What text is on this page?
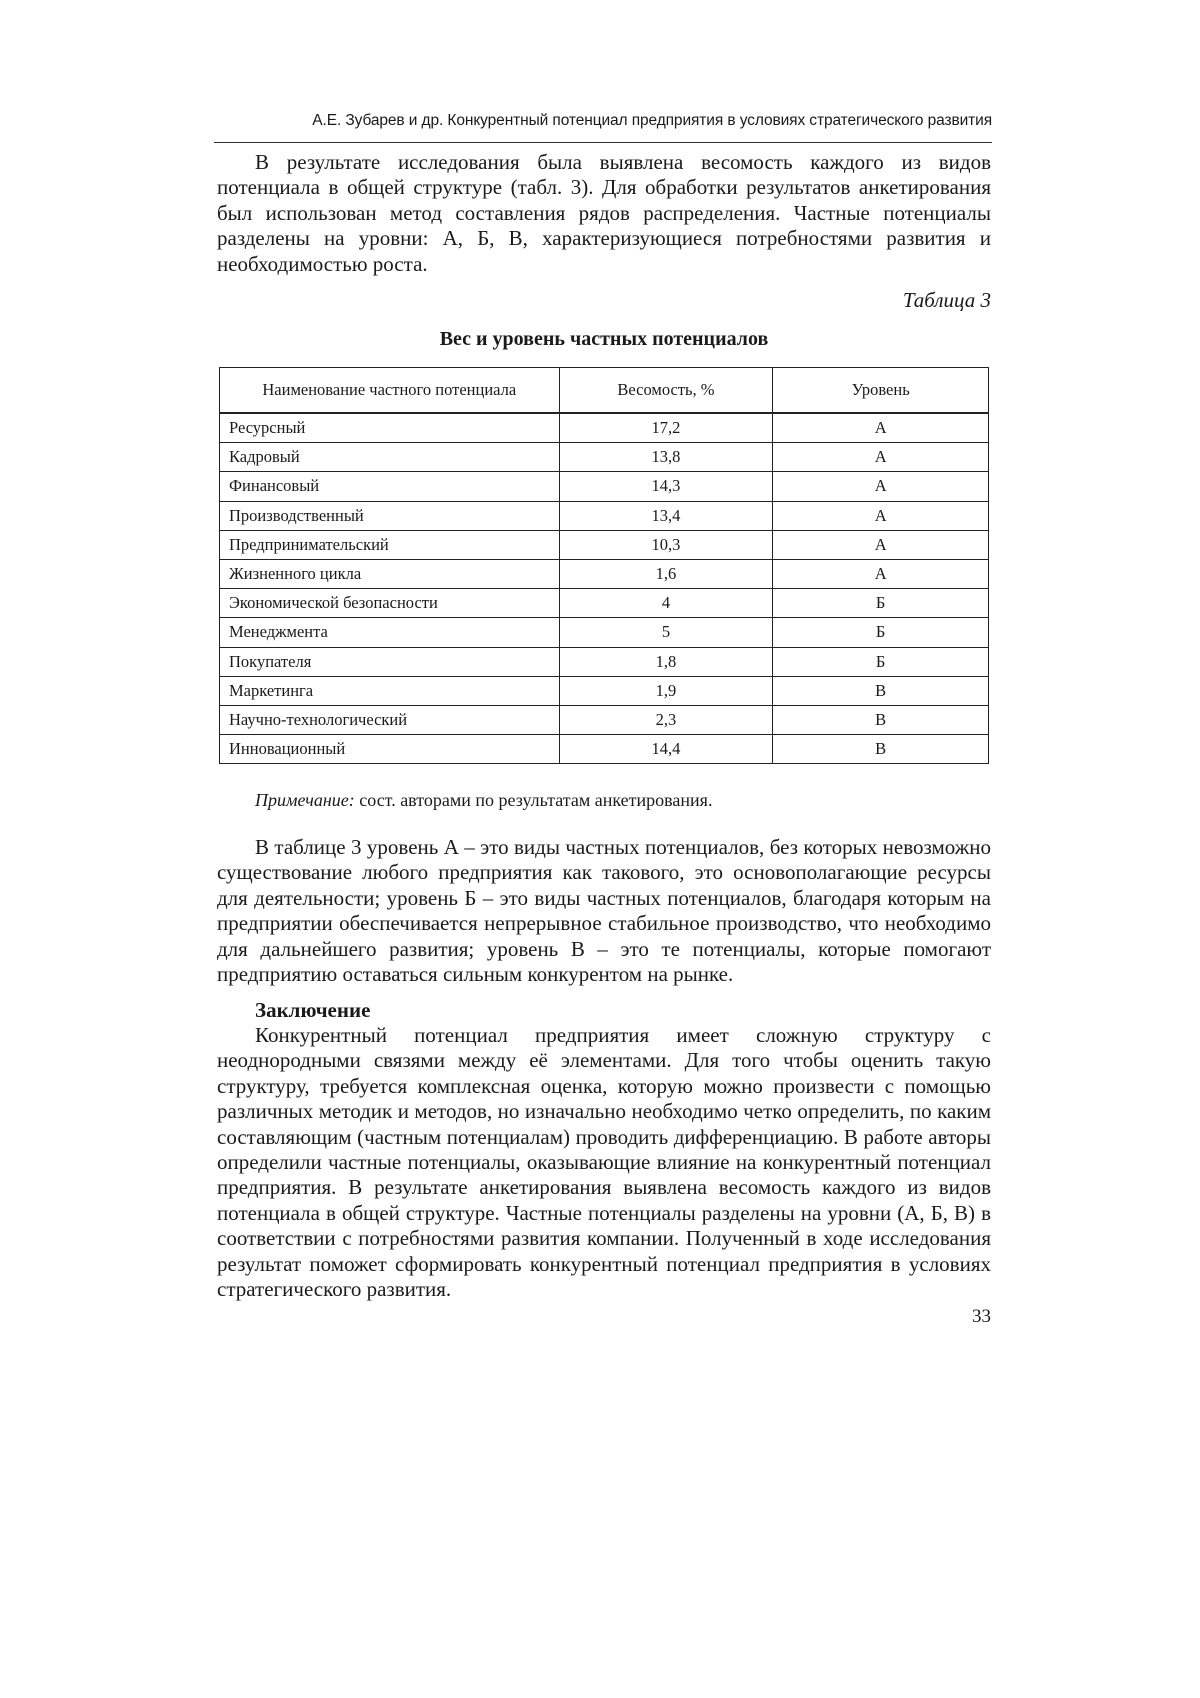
А.Е. Зубарев и др. Конкурентный потенциал предприятия в условиях стратегического развития

В результате исследования была выявлена весомость каждого из видов потенциала в общей структуре (табл. 3). Для обработки результатов анкетирования был использован метод составления рядов распределения. Частные потенциалы разделены на уровни: А, Б, В, характеризующиеся потребностями развития и необходимостью роста.

Таблица 3
Вес и уровень частных потенциалов
Наименование частного потенциала	Весомость, %	Уровень
Ресурсный	17,2	А
Кадровый	13,8	А
Финансовый	14,3	А
Производственный	13,4	А
Предпринимательский	10,3	А
Жизненного цикла	1,6	А
Экономической безопасности	4	Б
Менеджмента	5	Б
Покупателя	1,8	Б
Маркетинга	1,9	В
Научно-технологический	2,3	В
Инновационный	14,4	В
Примечание: сост. авторами по результатам анкетирования.

В таблице 3 уровень А – это виды частных потенциалов, без которых невозможно существование любого предприятия как такового, это основополагающие ресурсы для деятельности; уровень Б – это виды частных потенциалов, благодаря которым на предприятии обеспечивается непрерывное стабильное производство, что необходимо для дальнейшего развития; уровень В – это те потенциалы, которые помогают предприятию оставаться сильным конкурентом на рынке.

Заключение

Конкурентный потенциал предприятия имеет сложную структуру с неоднородными связями между её элементами. Для того чтобы оценить такую структуру, требуется комплексная оценка, которую можно произвести с помощью различных методик и методов, но изначально необходимо четко определить, по каким составляющим (частным потенциалам) проводить дифференциацию. В работе авторы определили частные потенциалы, оказывающие влияние на конкурентный потенциал предприятия. В результате анкетирования выявлена весомость каждого из видов потенциала в общей структуре. Частные потенциалы разделены на уровни (А, Б, В) в соответствии с потребностями развития компании. Полученный в ходе исследования результат поможет сформировать конкурентный потенциал предприятия в условиях стратегического развития.

33
